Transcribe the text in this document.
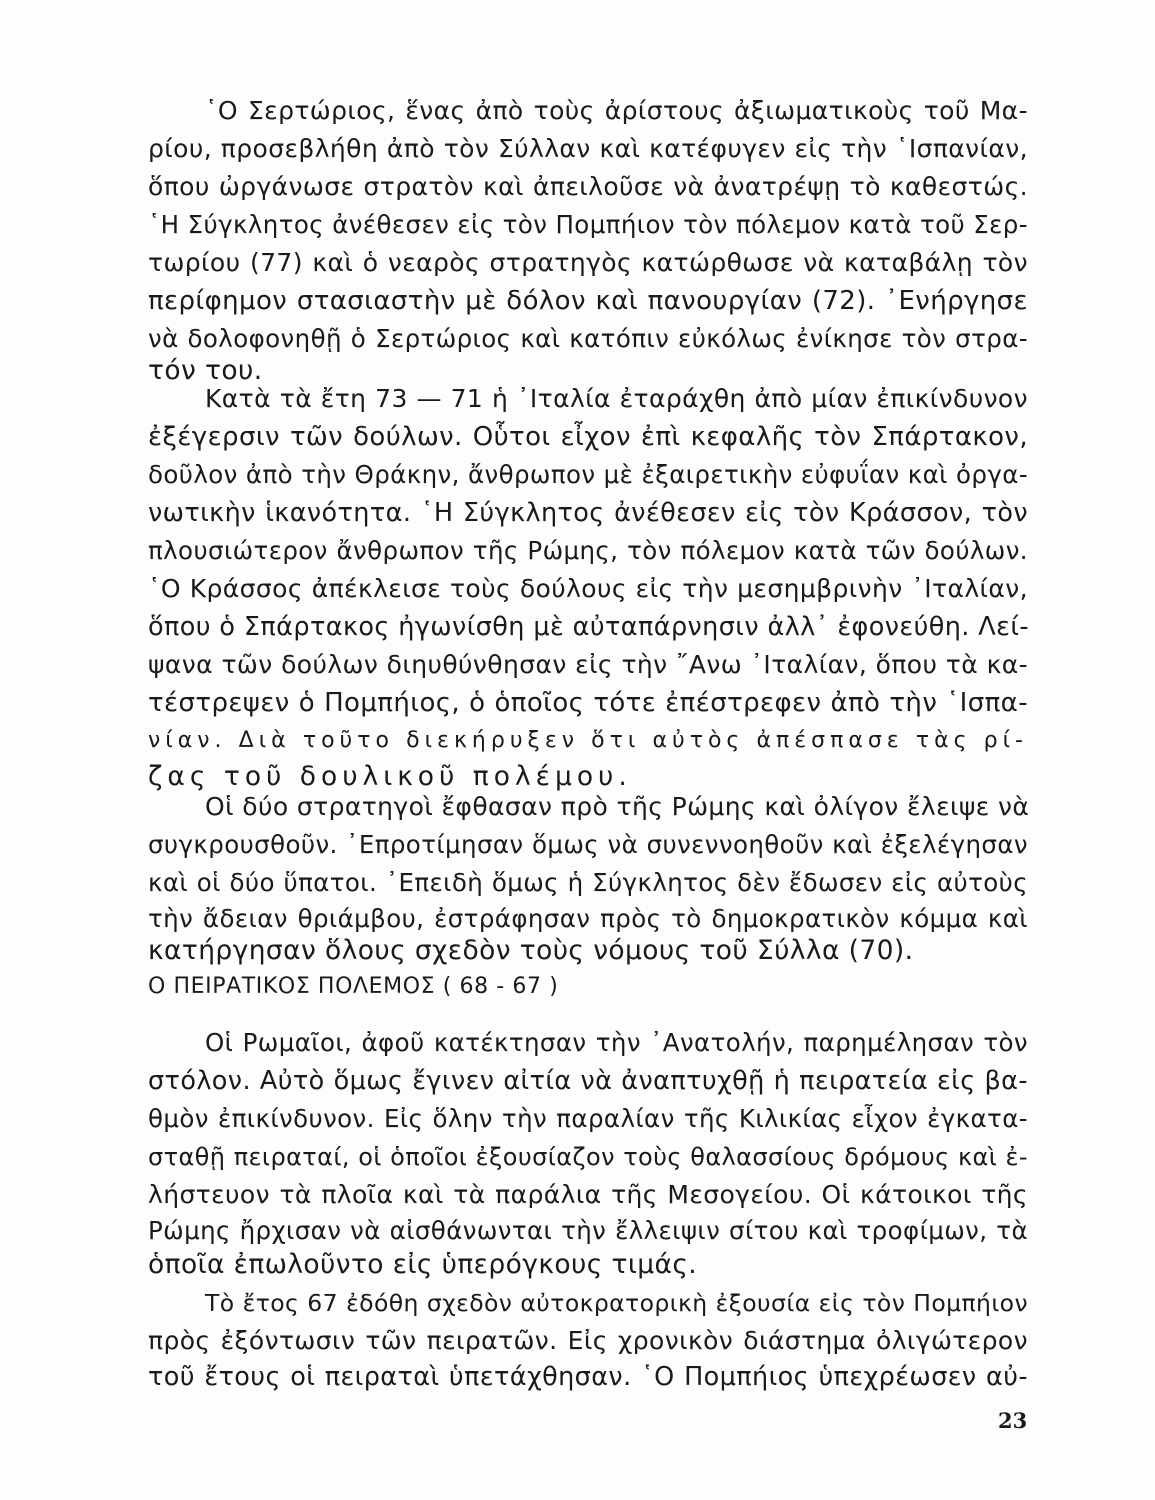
῾Ο Σερτώριος, ἕνας ἀπὸ τοὺς ἀρίστους ἀξιωματικοὺς τοῦ Μα-
ρίου, προσεβλήθη ἀπὸ τὸν Σύλλαν καὶ κατέφυγεν εἰς τὴν ῾Ισπανίαν,
ὅπου ὠργάνωσε στρατὸν καὶ ἀπειλοῦσε νὰ ἀνατρέψῃ τὸ καθεστώς.
῾Η Σύγκλητος ἀνέθεσεν εἰς τὸν Πομπήιον τὸν πόλεμον κατὰ τοῦ Σερ-
τωρίου (77) καὶ ὁ νεαρὸς στρατηγὸς κατώρθωσε νὰ καταβάλῃ τὸν
περίφημον στασιαστὴν μὲ δόλον καὶ πανουργίαν (72). ᾿Ενήργησε
νὰ δολοφονηθῇ ὁ Σερτώριος καὶ κατόπιν εὐκόλως ἐνίκησε τὸν στρα-
τόν του.
Κατὰ τὰ ἔτη 73 — 71 ἡ ᾿Ιταλία ἐταράχθη ἀπὸ μίαν ἐπικίνδυνον
ἐξέγερσιν τῶν δούλων. Οὗτοι εἶχον ἐπὶ κεφαλῆς τὸν Σπάρτακον,
δοῦλον ἀπὸ τὴν Θράκην, ἄνθρωπον μὲ ἐξαιρετικὴν εὐφυΐαν καὶ ὀργα-
νωτικὴν ἱκανότητα. ῾Η Σύγκλητος ἀνέθεσεν εἰς τὸν Κράσσον, τὸν
πλουσιώτερον ἄνθρωπον τῆς Ρώμης, τὸν πόλεμον κατὰ τῶν δούλων.
῾Ο Κράσσος ἀπέκλεισε τοὺς δούλους εἰς τὴν μεσημβρινὴν ᾿Ιταλίαν,
ὅπου ὁ Σπάρτακος ἠγωνίσθη μὲ αὐταπάρνησιν ἀλλ᾿ ἐφονεύθη. Λεί-
ψανα τῶν δούλων διηυθύνθησαν εἰς τὴν ῎Ανω ᾿Ιταλίαν, ὅπου τὰ κα-
τέστρεψεν ὁ Πομπήιος, ὁ ὁποῖος τότε ἐπέστρεφεν ἀπὸ τὴν ῾Ισπα-
νίαν. Διὰ τοῦτο διεκήρυξεν ὅτι αὐτὸς ἀπέσπασε τὰς ρί-
ζας τοῦ δουλικοῦ πολέμου.
Οἱ δύο στρατηγοὶ ἔφθασαν πρὸ τῆς Ρώμης καὶ ὀλίγον ἔλειψε νὰ
συγκρουσθοῦν. ᾿Επροτίμησαν ὅμως νὰ συνεννοηθοῦν καὶ ἐξελέγησαν
καὶ οἱ δύο ὕπατοι. ᾿Επειδὴ ὅμως ἡ Σύγκλητος δὲν ἔδωσεν εἰς αὐτοὺς
τὴν ἄδειαν θριάμβου, ἐστράφησαν πρὸς τὸ δημοκρατικὸν κόμμα καὶ
κατήργησαν ὅλους σχεδὸν τοὺς νόμους τοῦ Σύλλα (70).
Ο ΠΕΙΡΑΤΙΚΟΣ ΠΟΛΕΜΟΣ ( 68 - 67 )
Οἱ Ρωμαῖοι, ἀφοῦ κατέκτησαν τὴν ᾿Ανατολήν, παρημέλησαν τὸν
στόλον. Αὐτὸ ὅμως ἔγινεν αἰτία νὰ ἀναπτυχθῇ ἡ πειρατεία εἰς βα-
θμὸν ἐπικίνδυνον. Εἰς ὅλην τὴν παραλίαν τῆς Κιλικίας εἶχον ἐγκατα-
σταθῇ πειραταί, οἱ ὁποῖοι ἐξουσίαζον τοὺς θαλασσίους δρόμους καὶ ἐ-
λήστευον τὰ πλοῖα καὶ τὰ παράλια τῆς Μεσογείου. Οἱ κάτοικοι τῆς
Ρώμης ἤρχισαν νὰ αἰσθάνωνται τὴν ἔλλειψιν σίτου καὶ τροφίμων, τὰ
ὁποῖα ἐπωλοῦντο εἰς ὑπερόγκους τιμάς.
Τὸ ἔτος 67 ἐδόθη σχεδὸν αὐτοκρατορικὴ ἐξουσία εἰς τὸν Πομπήιον
πρὸς ἐξόντωσιν τῶν πειρατῶν. Εἰς χρονικὸν διάστημα ὀλιγώτερον
τοῦ ἔτους οἱ πειραταὶ ὑπετάχθησαν. ῾Ο Πομπήιος ὑπεχρέωσεν αὐ-
23
